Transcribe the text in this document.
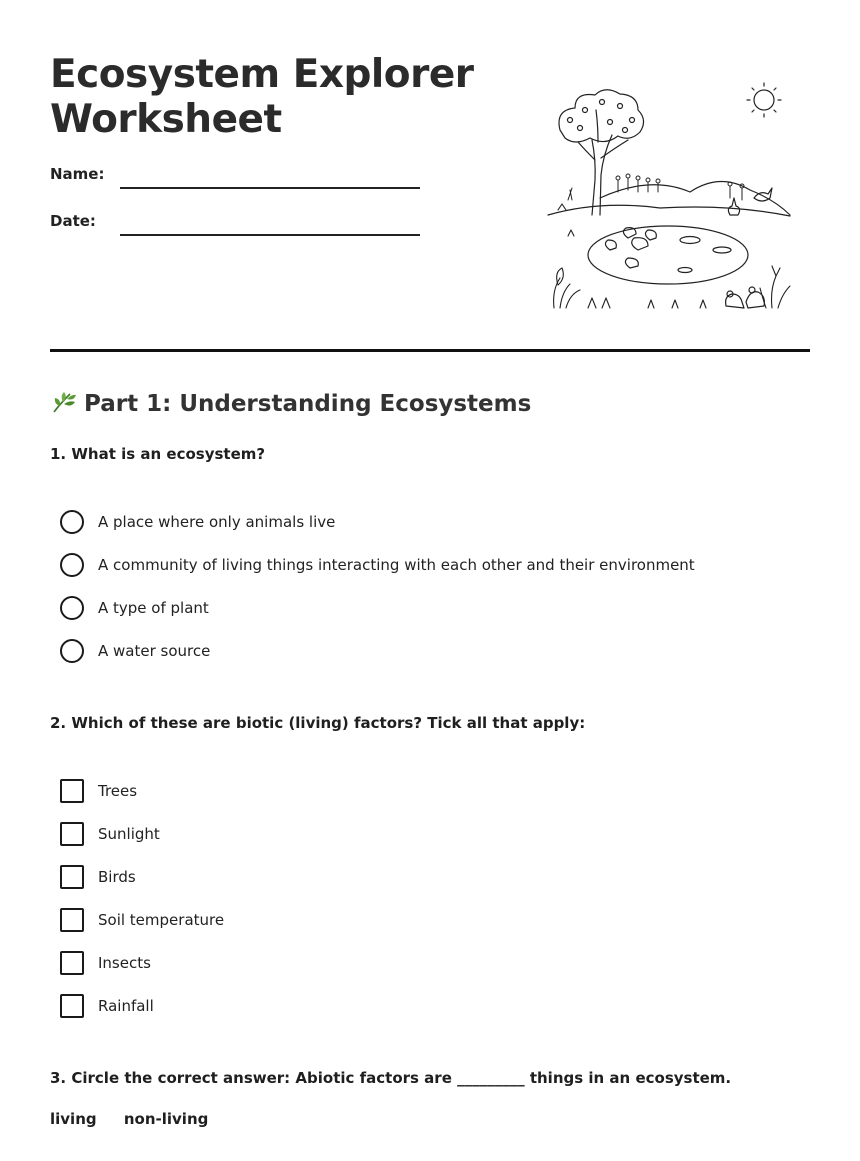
Ecosystem Explorer
Worksheet
Name:
Date:
Part 1: Understanding Ecosystems
1. What is an ecosystem?
A place where only animals live
A community of living things interacting with each other and their environment
A type of plant
A water source
2. Which of these are biotic (living) factors? Tick all that apply:
Trees
Sunlight
Birds
Soil temperature
Insects
Rainfall
3. Circle the correct answer: Abiotic factors are _________ things in an ecosystem.
living non-living
